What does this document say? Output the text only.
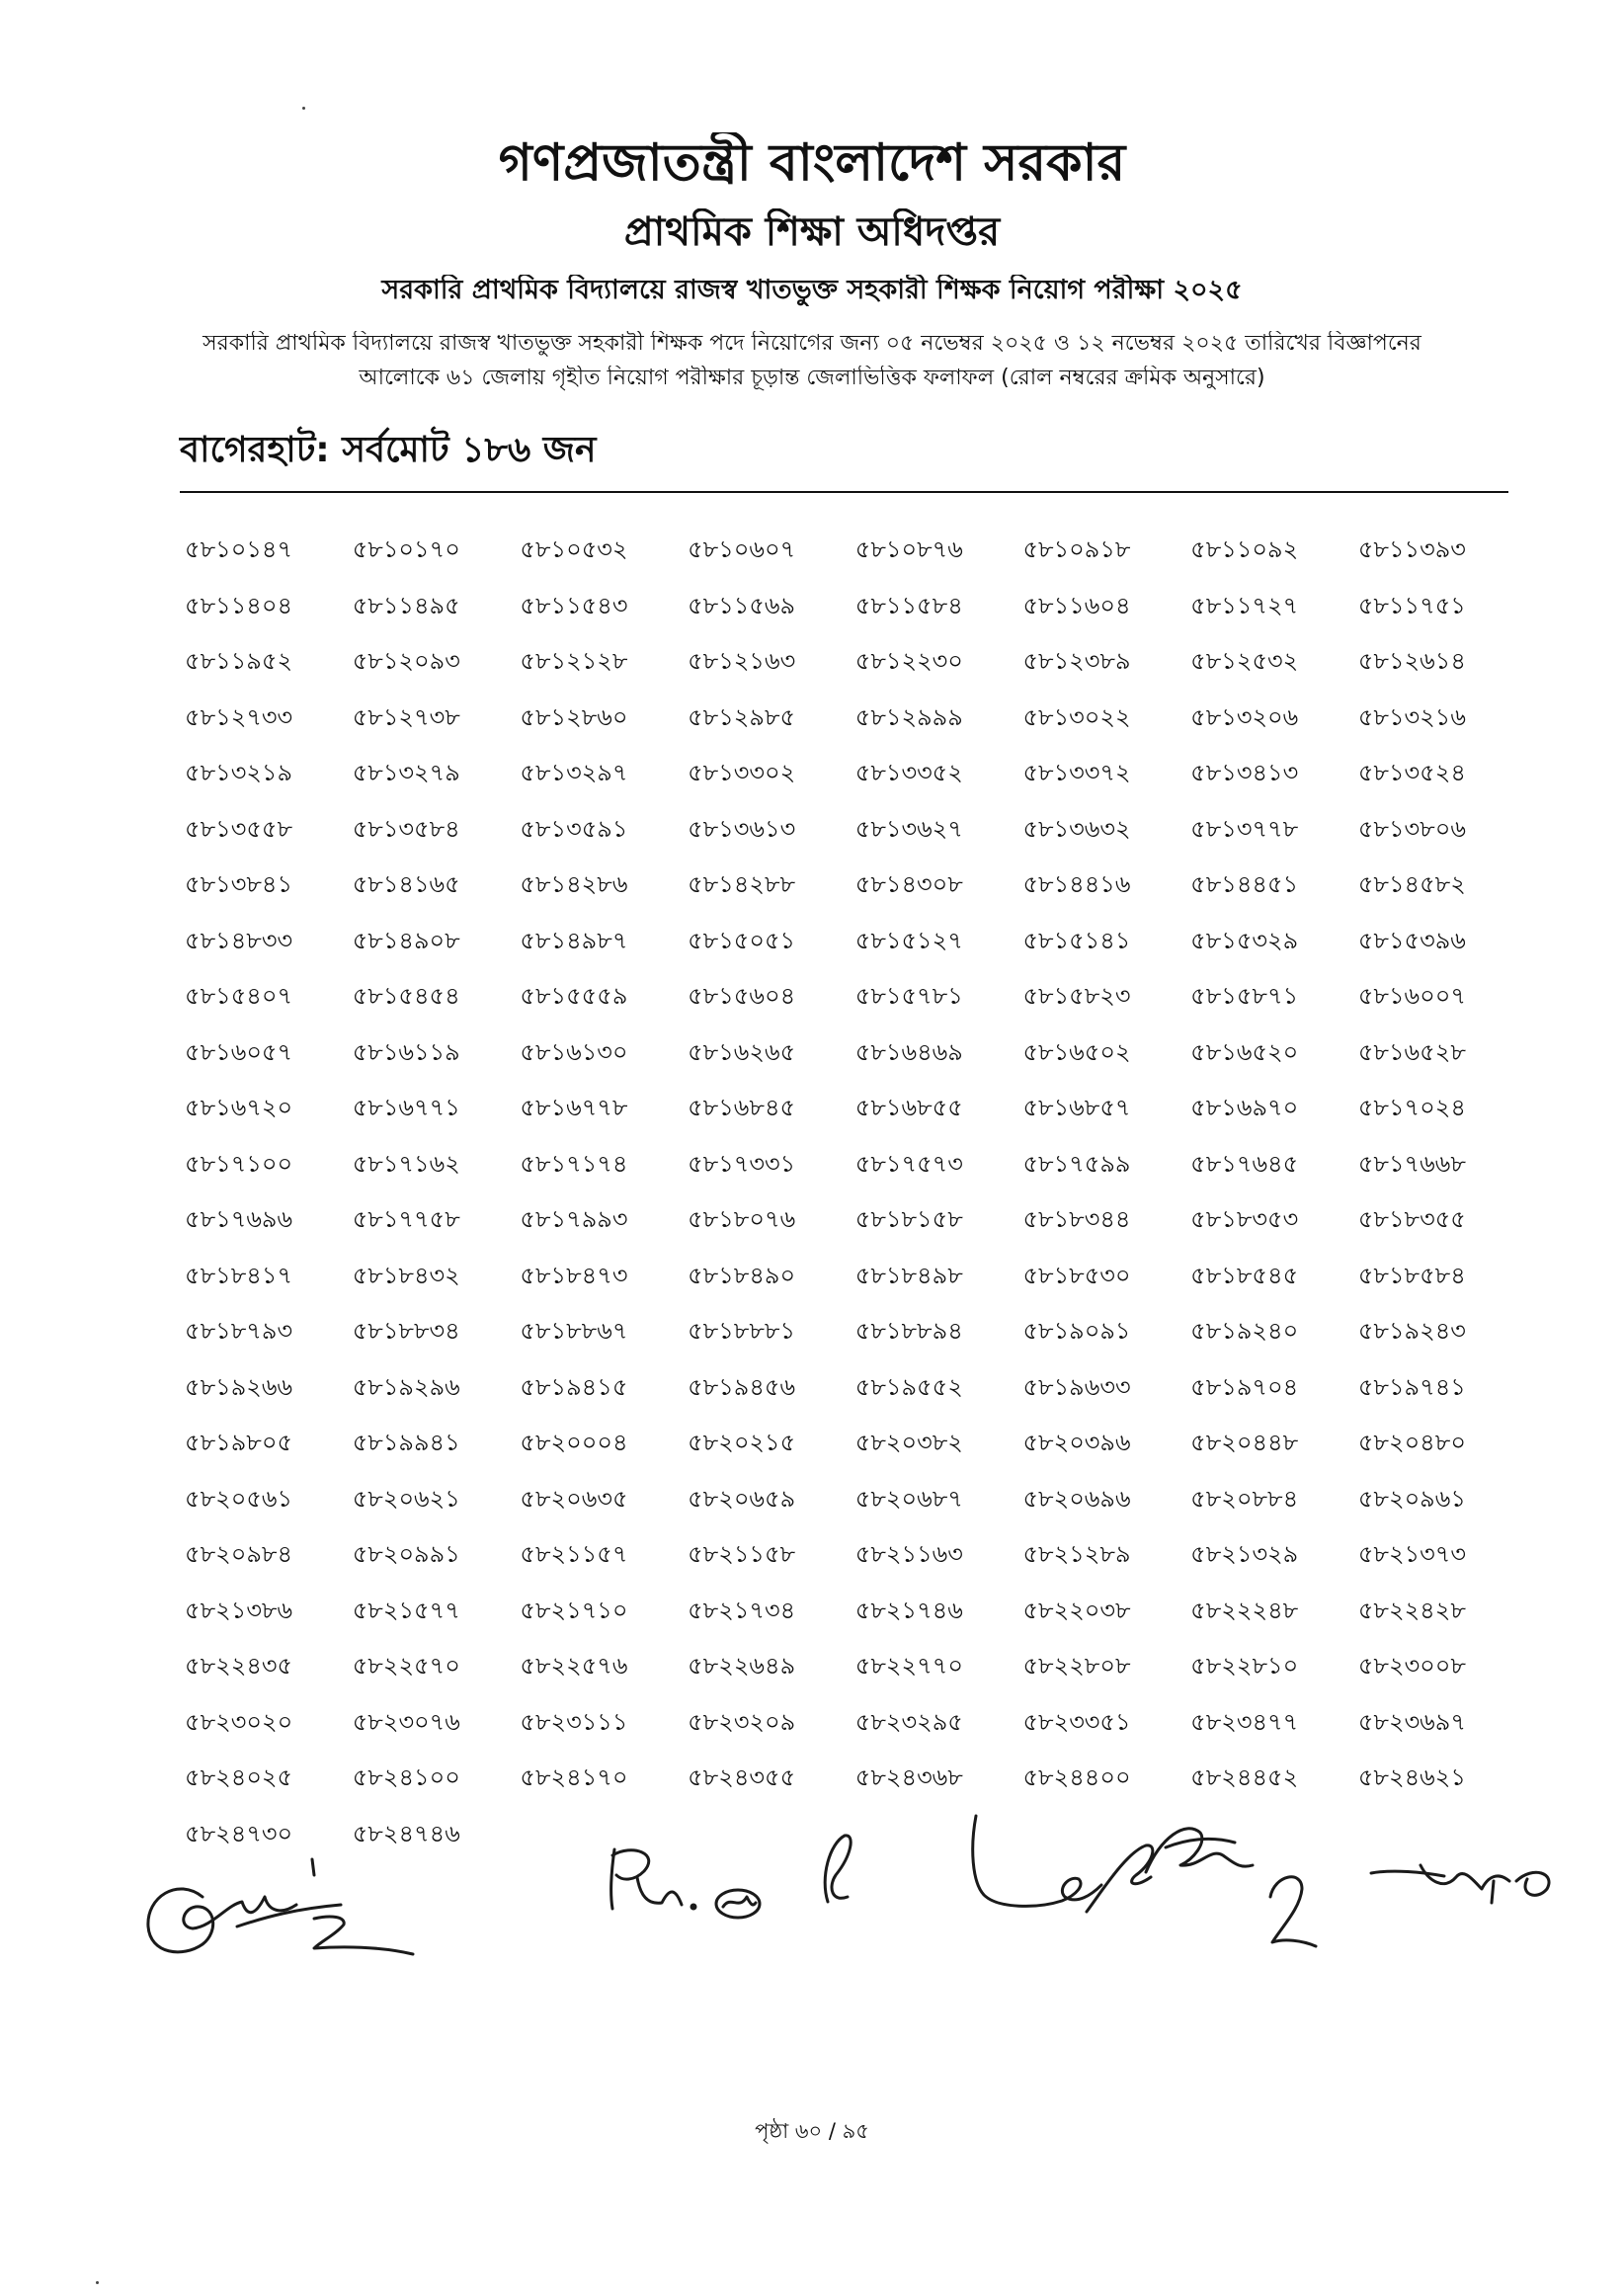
গণপ্রজাতন্ত্রী বাংলাদেশ সরকার
প্রাথমিক শিক্ষা অধিদপ্তর
সরকারি প্রাথমিক বিদ্যালয়ে রাজস্ব খাতভুক্ত সহকারী শিক্ষক নিয়োগ পরীক্ষা ২০২৫
সরকারি প্রাথমিক বিদ্যালয়ে রাজস্ব খাতভুক্ত সহকারী শিক্ষক পদে নিয়োগের জন্য ০৫ নভেম্বর ২০২৫ ও ১২ নভেম্বর ২০২৫ তারিখের বিজ্ঞাপনের
আলোকে ৬১ জেলায় গৃহীত নিয়োগ পরীক্ষার চূড়ান্ত জেলাভিত্তিক ফলাফল (রোল নম্বরের ক্রমিক অনুসারে)
বাগেরহাট: সর্বমোট ১৮৬ জন
৫৮১০১৪৭	৫৮১০১৭০	৫৮১০৫৩২	৫৮১০৬০৭	৫৮১০৮৭৬	৫৮১০৯১৮	৫৮১১০৯২	৫৮১১৩৯৩
৫৮১১৪০৪	৫৮১১৪৯৫	৫৮১১৫৪৩	৫৮১১৫৬৯	৫৮১১৫৮৪	৫৮১১৬০৪	৫৮১১৭২৭	৫৮১১৭৫১
৫৮১১৯৫২	৫৮১২০৯৩	৫৮১২১২৮	৫৮১২১৬৩	৫৮১২২৩০	৫৮১২৩৮৯	৫৮১২৫৩২	৫৮১২৬১৪
৫৮১২৭৩৩	৫৮১২৭৩৮	৫৮১২৮৬০	৫৮১২৯৮৫	৫৮১২৯৯৯	৫৮১৩০২২	৫৮১৩২০৬	৫৮১৩২১৬
৫৮১৩২১৯	৫৮১৩২৭৯	৫৮১৩২৯৭	৫৮১৩৩০২	৫৮১৩৩৫২	৫৮১৩৩৭২	৫৮১৩৪১৩	৫৮১৩৫২৪
৫৮১৩৫৫৮	৫৮১৩৫৮৪	৫৮১৩৫৯১	৫৮১৩৬১৩	৫৮১৩৬২৭	৫৮১৩৬৩২	৫৮১৩৭৭৮	৫৮১৩৮০৬
৫৮১৩৮৪১	৫৮১৪১৬৫	৫৮১৪২৮৬	৫৮১৪২৮৮	৫৮১৪৩০৮	৫৮১৪৪১৬	৫৮১৪৪৫১	৫৮১৪৫৮২
৫৮১৪৮৩৩	৫৮১৪৯০৮	৫৮১৪৯৮৭	৫৮১৫০৫১	৫৮১৫১২৭	৫৮১৫১৪১	৫৮১৫৩২৯	৫৮১৫৩৯৬
৫৮১৫৪০৭	৫৮১৫৪৫৪	৫৮১৫৫৫৯	৫৮১৫৬০৪	৫৮১৫৭৮১	৫৮১৫৮২৩	৫৮১৫৮৭১	৫৮১৬০০৭
৫৮১৬০৫৭	৫৮১৬১১৯	৫৮১৬১৩০	৫৮১৬২৬৫	৫৮১৬৪৬৯	৫৮১৬৫০২	৫৮১৬৫২০	৫৮১৬৫২৮
৫৮১৬৭২০	৫৮১৬৭৭১	৫৮১৬৭৭৮	৫৮১৬৮৪৫	৫৮১৬৮৫৫	৫৮১৬৮৫৭	৫৮১৬৯৭০	৫৮১৭০২৪
৫৮১৭১০০	৫৮১৭১৬২	৫৮১৭১৭৪	৫৮১৭৩৩১	৫৮১৭৫৭৩	৫৮১৭৫৯৯	৫৮১৭৬৪৫	৫৮১৭৬৬৮
৫৮১৭৬৯৬	৫৮১৭৭৫৮	৫৮১৭৯৯৩	৫৮১৮০৭৬	৫৮১৮১৫৮	৫৮১৮৩৪৪	৫৮১৮৩৫৩	৫৮১৮৩৫৫
৫৮১৮৪১৭	৫৮১৮৪৩২	৫৮১৮৪৭৩	৫৮১৮৪৯০	৫৮১৮৪৯৮	৫৮১৮৫৩০	৫৮১৮৫৪৫	৫৮১৮৫৮৪
৫৮১৮৭৯৩	৫৮১৮৮৩৪	৫৮১৮৮৬৭	৫৮১৮৮৮১	৫৮১৮৮৯৪	৫৮১৯০৯১	৫৮১৯২৪০	৫৮১৯২৪৩
৫৮১৯২৬৬	৫৮১৯২৯৬	৫৮১৯৪১৫	৫৮১৯৪৫৬	৫৮১৯৫৫২	৫৮১৯৬৩৩	৫৮১৯৭০৪	৫৮১৯৭৪১
৫৮১৯৮০৫	৫৮১৯৯৪১	৫৮২০০০৪	৫৮২০২১৫	৫৮২০৩৮২	৫৮২০৩৯৬	৫৮২০৪৪৮	৫৮২০৪৮০
৫৮২০৫৬১	৫৮২০৬২১	৫৮২০৬৩৫	৫৮২০৬৫৯	৫৮২০৬৮৭	৫৮২০৬৯৬	৫৮২০৮৮৪	৫৮২০৯৬১
৫৮২০৯৮৪	৫৮২০৯৯১	৫৮২১১৫৭	৫৮২১১৫৮	৫৮২১১৬৩	৫৮২১২৮৯	৫৮২১৩২৯	৫৮২১৩৭৩
৫৮২১৩৮৬	৫৮২১৫৭৭	৫৮২১৭১০	৫৮২১৭৩৪	৫৮২১৭৪৬	৫৮২২০৩৮	৫৮২২২৪৮	৫৮২২৪২৮
৫৮২২৪৩৫	৫৮২২৫৭০	৫৮২২৫৭৬	৫৮২২৬৪৯	৫৮২২৭৭০	৫৮২২৮০৮	৫৮২২৮১০	৫৮২৩০০৮
৫৮২৩০২০	৫৮২৩০৭৬	৫৮২৩১১১	৫৮২৩২০৯	৫৮২৩২৯৫	৫৮২৩৩৫১	৫৮২৩৪৭৭	৫৮২৩৬৯৭
৫৮২৪০২৫	৫৮২৪১০০	৫৮২৪১৭০	৫৮২৪৩৫৫	৫৮২৪৩৬৮	৫৮২৪৪০০	৫৮২৪৪৫২	৫৮২৪৬২১
৫৮২৪৭৩০	৫৮২৪৭৪৬
পৃষ্ঠা ৬০ / ৯৫
